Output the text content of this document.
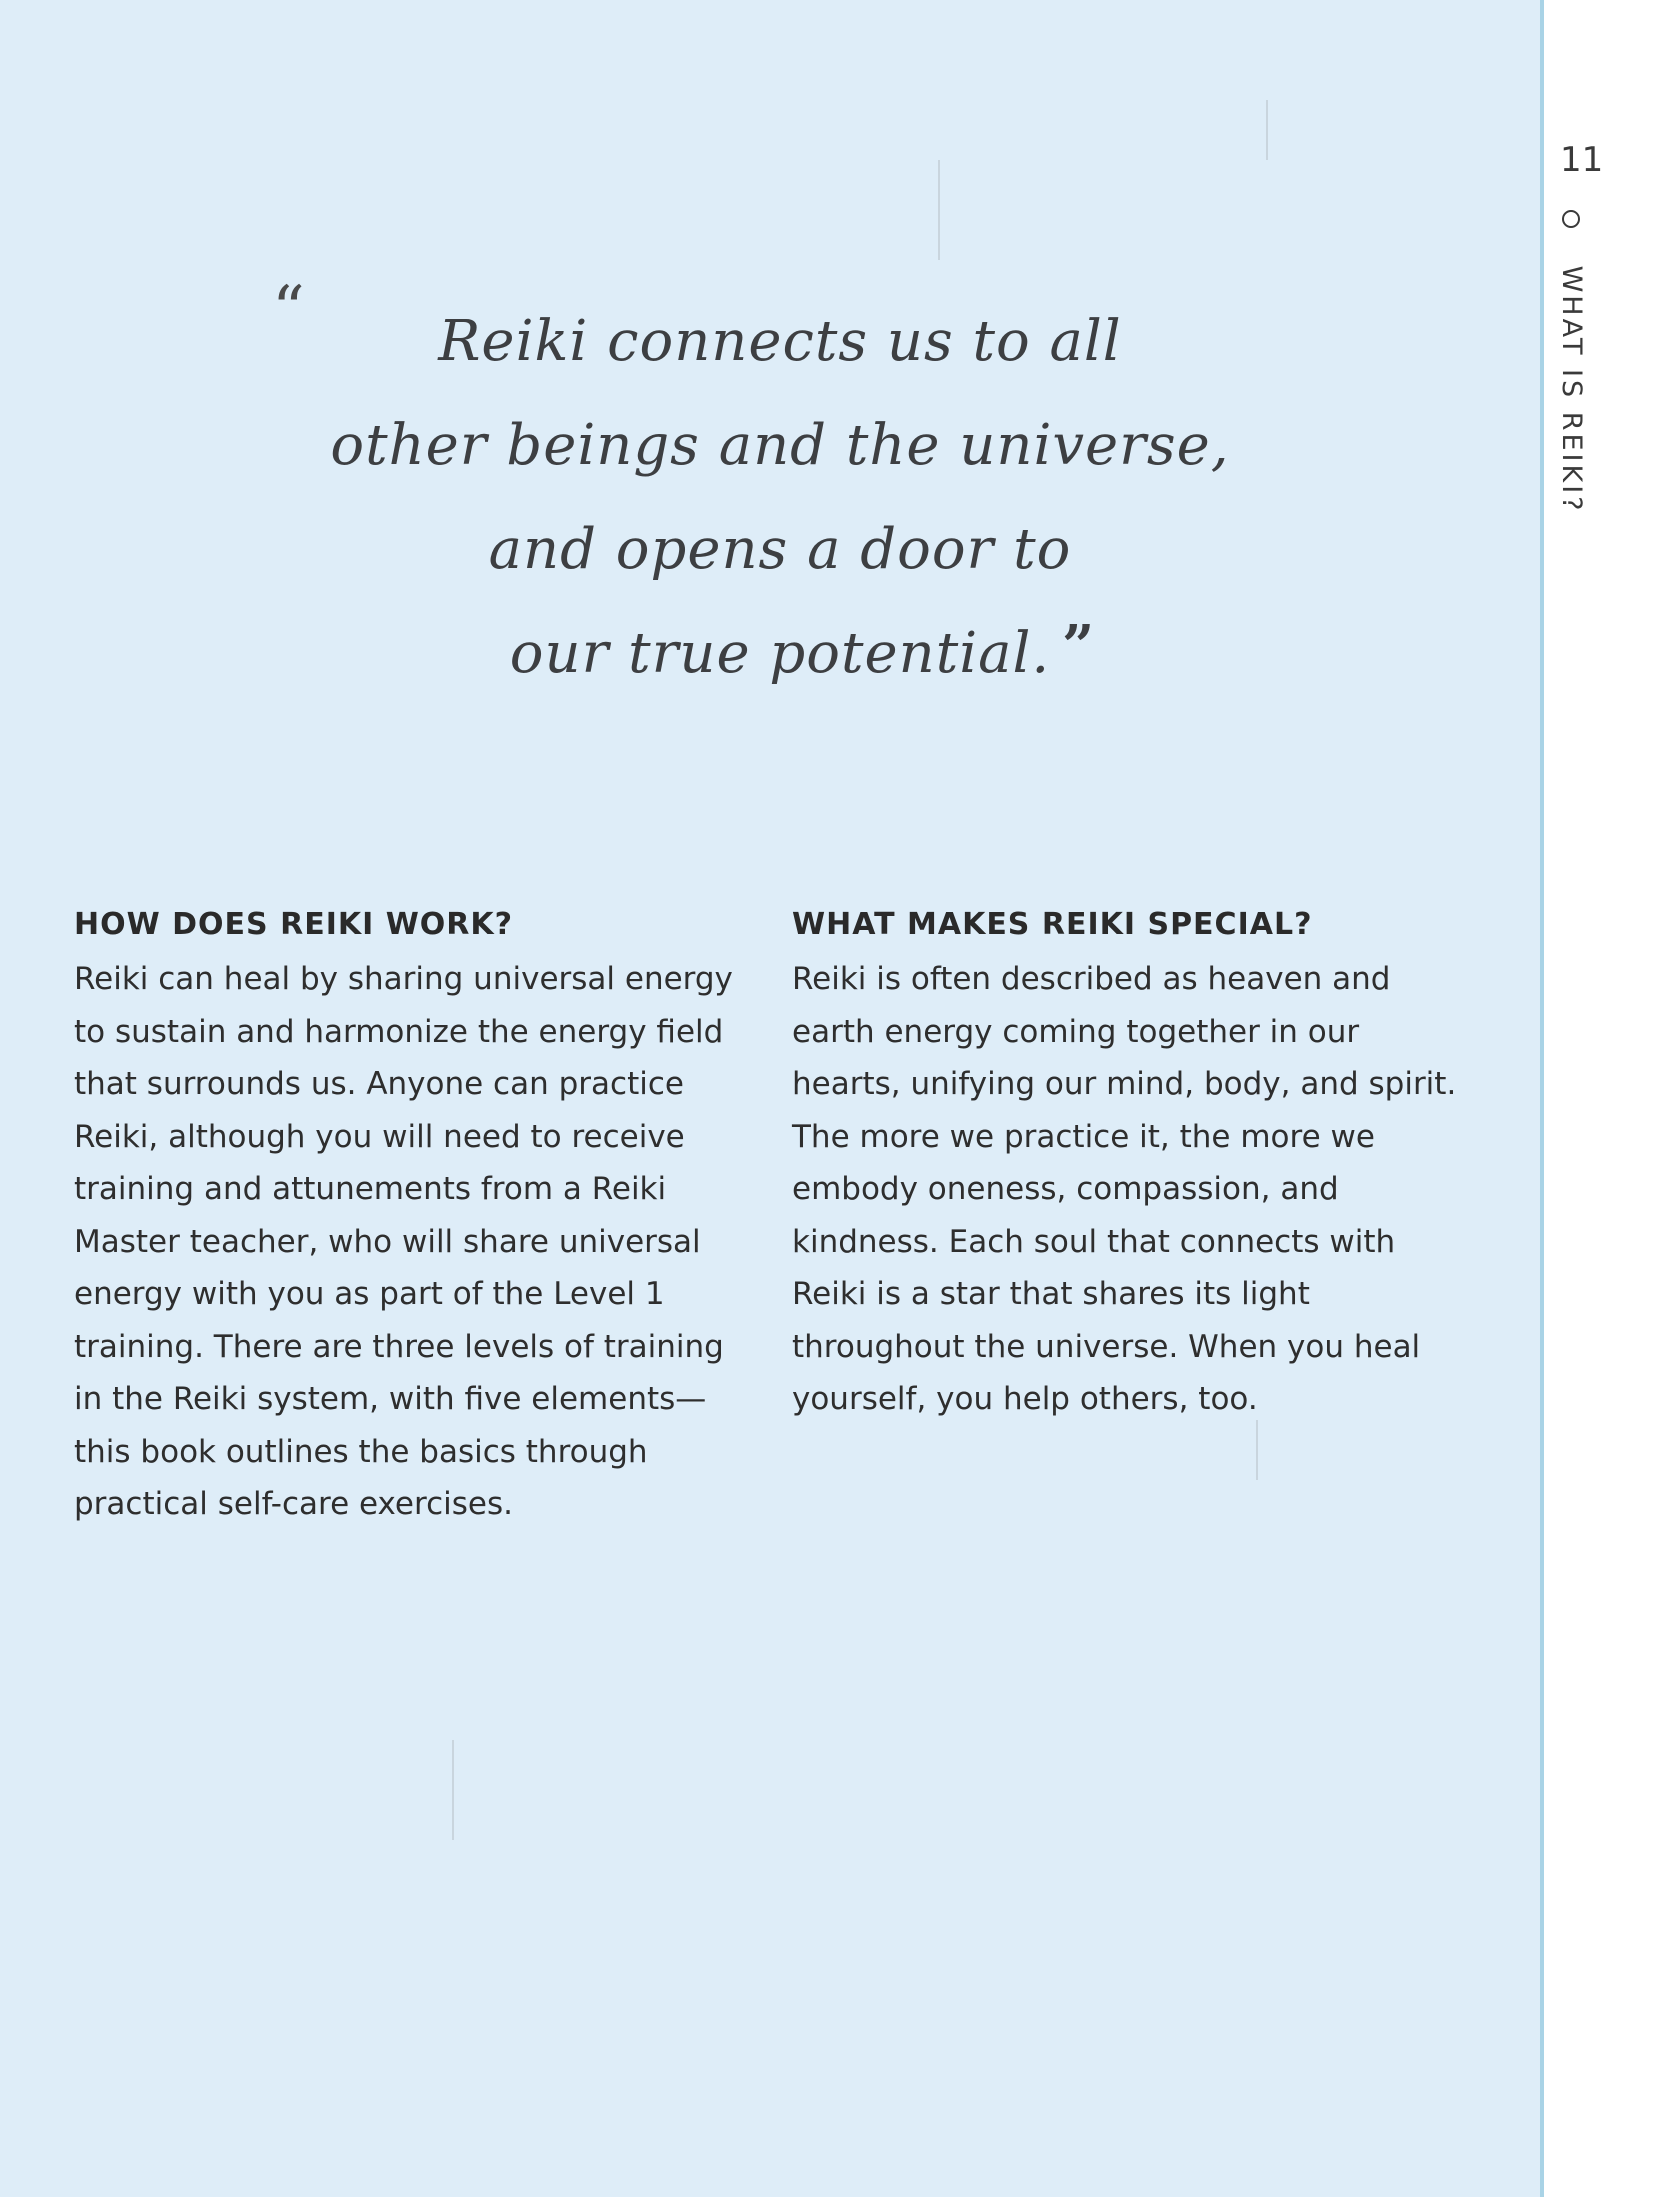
“	Reiki connects us to all
other beings and the universe,
and opens a door to
our true potential. ”
HOW DOES REIKI WORK?

Reiki can heal by sharing universal energy to sustain and harmonize the energy field that surrounds us. Anyone can practice Reiki, although you will need to receive training and attunements from a Reiki Master teacher, who will share universal energy with you as part of the Level 1 training. There are three levels of training in the Reiki system, with five elements—this book outlines the basics through practical self-care exercises.

WHAT MAKES REIKI SPECIAL?

Reiki is often described as heaven and earth energy coming together in our hearts, unifying our mind, body, and spirit. The more we practice it, the more we embody oneness, compassion, and kindness. Each soul that connects with Reiki is a star that shares its light throughout the universe. When you heal yourself, you help others, too.

11
WHAT IS REIKI?
